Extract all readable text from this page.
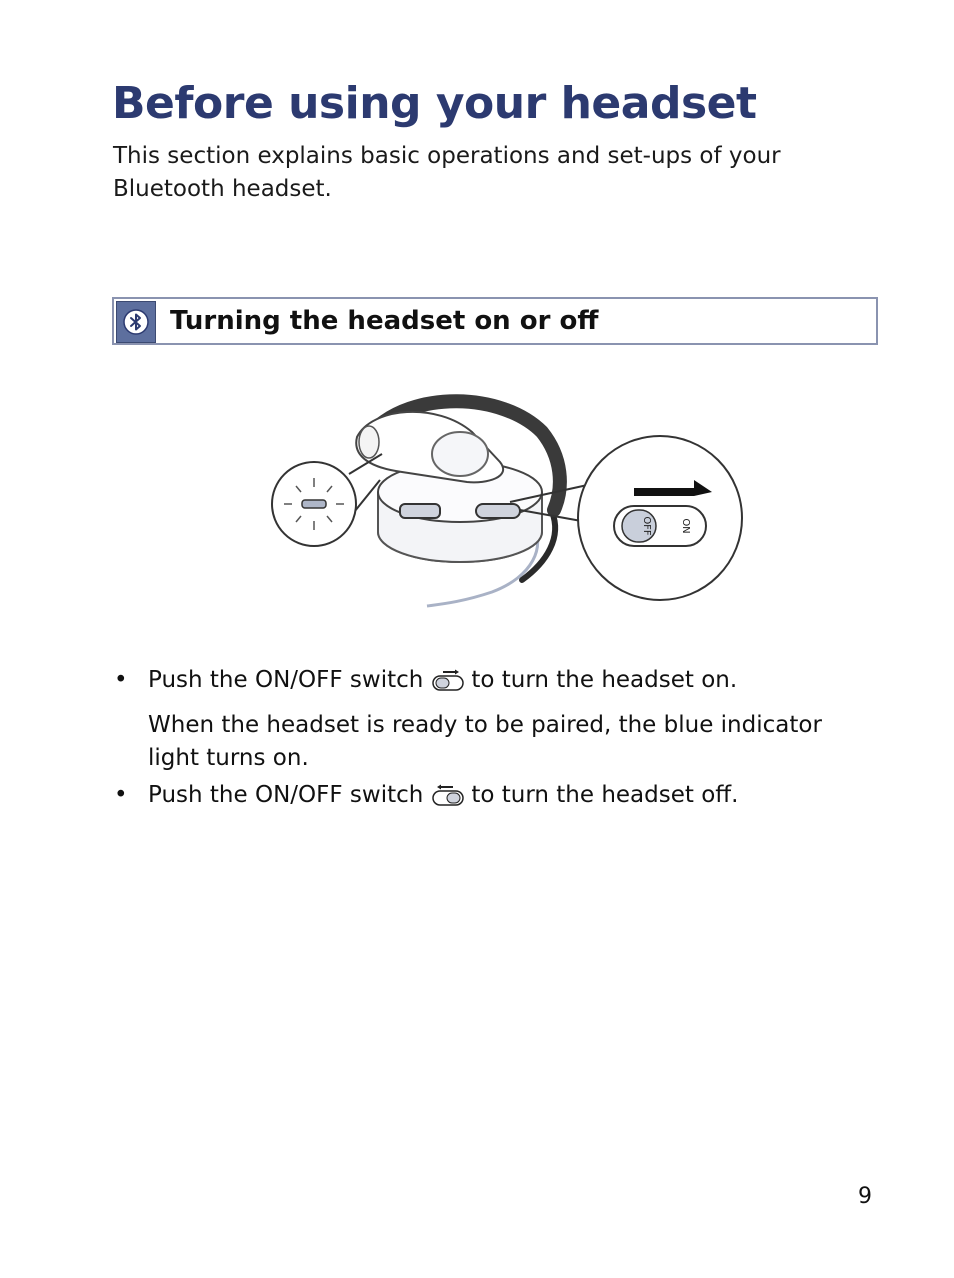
Before using your headset

This section explains basic operations and set-ups of your Bluetooth headset.

Turning the headset on or off
OFF	ON
• Push the ON/OFF switch to turn the headset on.
When the headset is ready to be paired, the blue indicator light turns on.
• Push the ON/OFF switch to turn the headset off.

9
